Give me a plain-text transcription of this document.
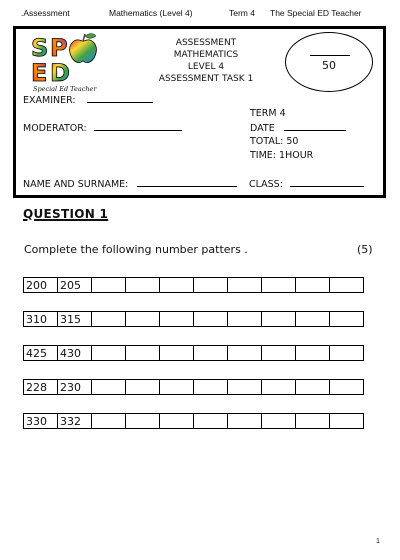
.Assessment	Mathematics (Level 4)	Term 4 The Special ED Teacher
S P
E D
Special Ed Teacher
ASSESSMENT
MATHEMATICS
LEVEL 4
ASSESSMENT TASK 1
50
EXAMINER:
MODERATOR:
TERM 4
DATE
TOTAL: 50
TIME: 1HOUR
NAME AND SURNAME:	CLASS:
QUESTION 1
Complete the following number patters .	(5)
200	205								
310	315								
425	430								
228	230								
330	332								
1
